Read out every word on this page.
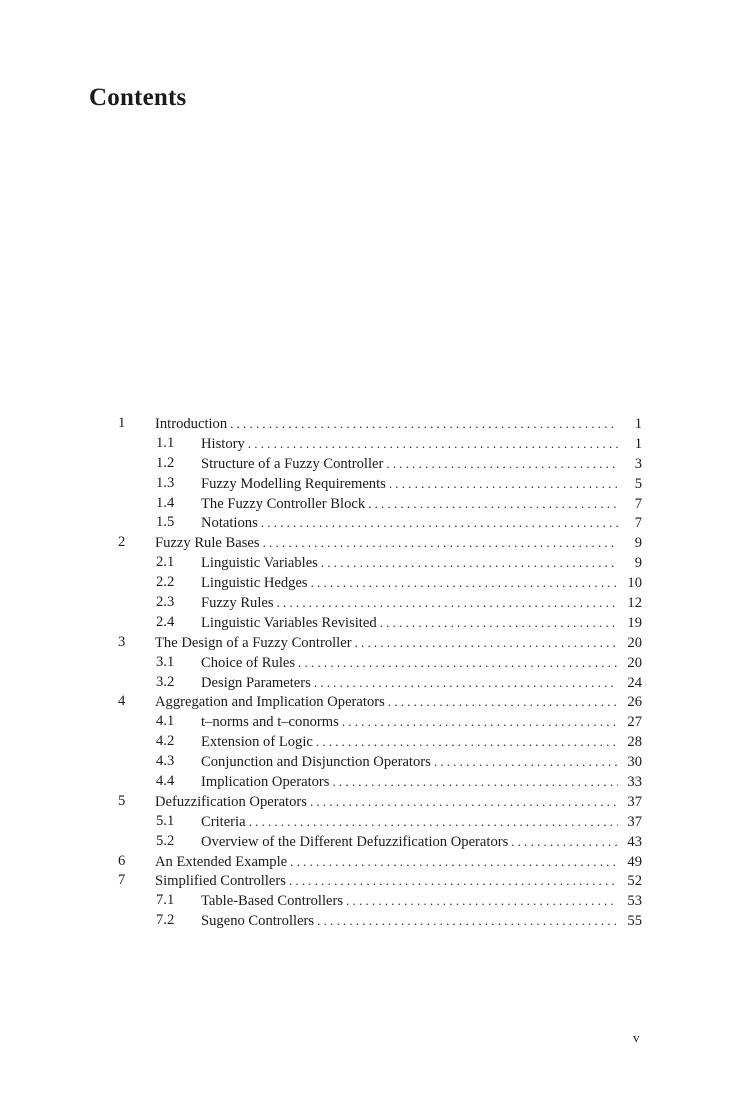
Contents
1 Introduction .....	1
1.1 History .....	1
1.2 Structure of a Fuzzy Controller .....	3
1.3 Fuzzy Modelling Requirements .....	5
1.4 The Fuzzy Controller Block .....	7
1.5 Notations .....	7
2 Fuzzy Rule Bases .....	9
2.1 Linguistic Variables .....	9
2.2 Linguistic Hedges .....	10
2.3 Fuzzy Rules .....	12
2.4 Linguistic Variables Revisited .....	19
3 The Design of a Fuzzy Controller .....	20
3.1 Choice of Rules .....	20
3.2 Design Parameters .....	24
4 Aggregation and Implication Operators .....	26
4.1 t–norms and t–conorms .....	27
4.2 Extension of Logic .....	28
4.3 Conjunction and Disjunction Operators .....	30
4.4 Implication Operators .....	33
5 Defuzzification Operators .....	37
5.1 Criteria .....	37
5.2 Overview of the Different Defuzzification Operators .....	43
6 An Extended Example .....	49
7 Simplified Controllers .....	52
7.1 Table-Based Controllers .....	53
7.2 Sugeno Controllers .....	55
v
